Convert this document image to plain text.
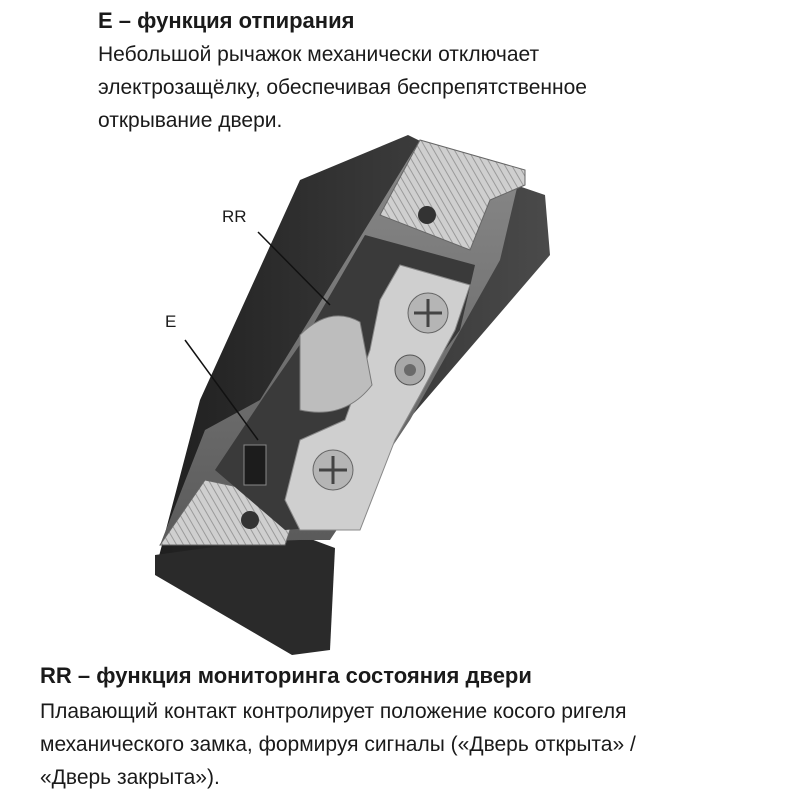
RR
E

E – функция отпирания

Небольшой рычажок механически отключает
электрозащёлку, обеспечивая беспрепятственное
открывание двери.

RR – функция мониторинга состояния двери

Плавающий контакт контролирует положение косого ригеля
механического замка, формируя сигналы («Дверь открыта» /
«Дверь закрыта»).
